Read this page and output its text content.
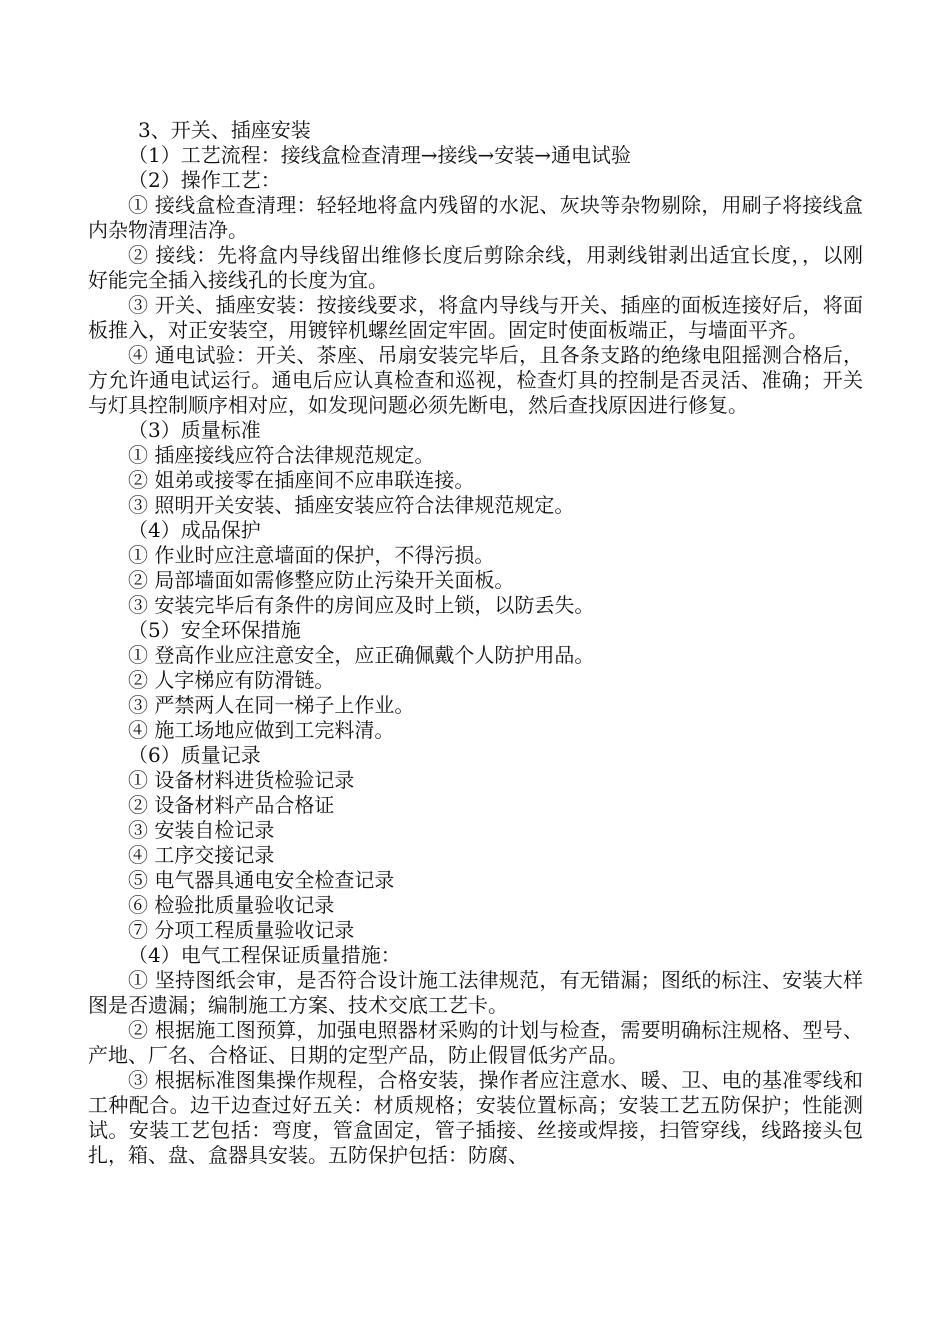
3、开关、插座安装

（1）工艺流程：接线盒检查清理→接线→安装→通电试验

（2）操作工艺：

① 接线盒检查清理：轻轻地将盒内残留的水泥、灰块等杂物剔除，用刷子将接线盒内杂物清理洁净。

② 接线：先将盒内导线留出维修长度后剪除余线，用剥线钳剥出适宜长度，，以刚好能完全插入接线孔的长度为宜。

③ 开关、插座安装：按接线要求，将盒内导线与开关、插座的面板连接好后，将面板推入，对正安装空，用镀锌机螺丝固定牢固。固定时使面板端正，与墙面平齐。

④ 通电试验：开关、茶座、吊扇安装完毕后，且各条支路的绝缘电阻摇测合格后，方允许通电试运行。通电后应认真检查和巡视，检查灯具的控制是否灵活、准确；开关与灯具控制顺序相对应，如发现问题必须先断电，然后查找原因进行修复。

（3）质量标准

① 插座接线应符合法律规范规定。

② 姐弟或接零在插座间不应串联连接。

③ 照明开关安装、插座安装应符合法律规范规定。

（4）成品保护

① 作业时应注意墙面的保护，不得污损。

② 局部墙面如需修整应防止污染开关面板。

③ 安装完毕后有条件的房间应及时上锁，以防丢失。

（5）安全环保措施

① 登高作业应注意安全，应正确佩戴个人防护用品。

② 人字梯应有防滑链。

③ 严禁两人在同一梯子上作业。

④ 施工场地应做到工完料清。

（6）质量记录

① 设备材料进货检验记录

② 设备材料产品合格证

③ 安装自检记录

④ 工序交接记录

⑤ 电气器具通电安全检查记录

⑥ 检验批质量验收记录

⑦ 分项工程质量验收记录

（4）电气工程保证质量措施：

① 坚持图纸会审，是否符合设计施工法律规范，有无错漏；图纸的标注、安装大样图是否遗漏；编制施工方案、技术交底工艺卡。

② 根据施工图预算，加强电照器材采购的计划与检查，需要明确标注规格、型号、产地、厂名、合格证、日期的定型产品，防止假冒低劣产品。

③ 根据标准图集操作规程，合格安装，操作者应注意水、暖、卫、电的基准零线和工种配合。边干边查过好五关：材质规格；安装位置标高；安装工艺五防保护；性能测试。安装工艺包括：弯度，管盒固定，管子插接、丝接或焊接，扫管穿线，线路接头包扎，箱、盘、盒器具安装。五防保护包括：防腐、
